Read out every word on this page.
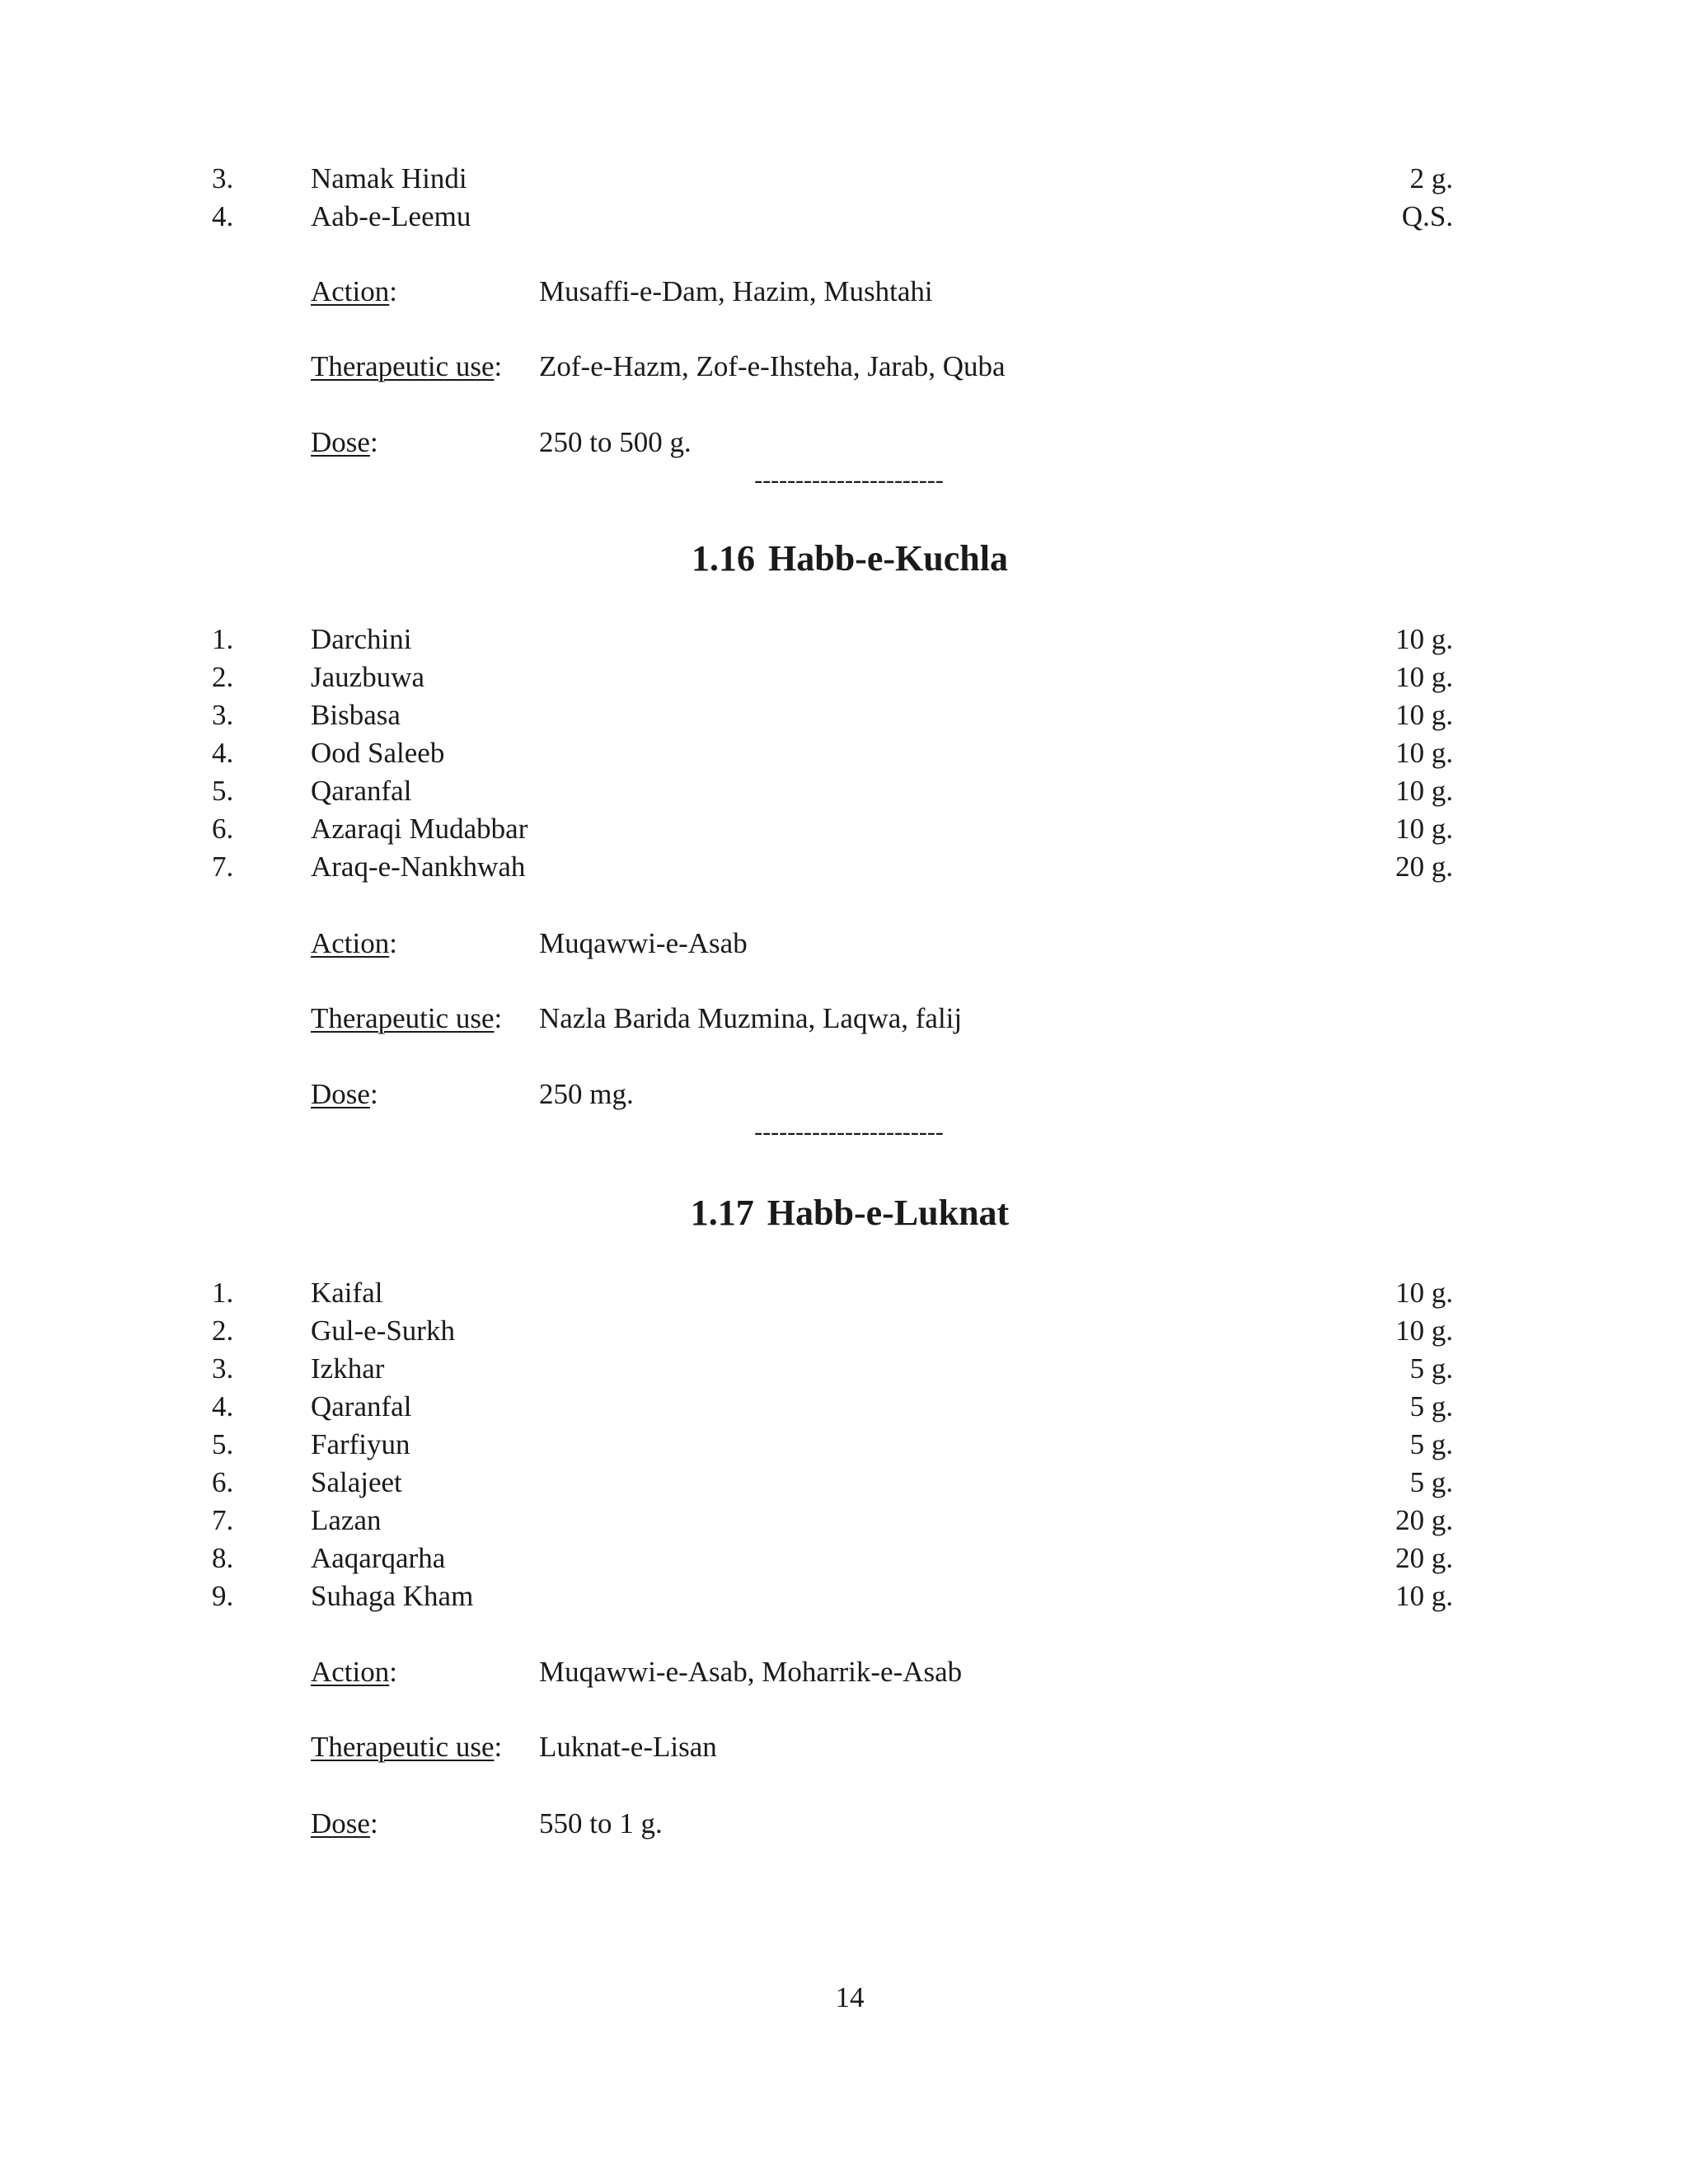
3.	Namak Hindi	2 g.
4.	Aab-e-Leemu	Q.S.
Action:	Musaffi-e-Dam, Hazim, Mushtahi
Therapeutic use: Zof-e-Hazm, Zof-e-Ihsteha, Jarab, Quba
Dose:	250 to 500 g.
-----------------------
1.16 Habb-e-Kuchla
1.	Darchini	10 g.
2.	Jauzbuwa	10 g.
3.	Bisbasa	10 g.
4.	Ood Saleeb	10 g.
5.	Qaranfal	10 g.
6.	Azaraqi Mudabbar	10 g.
7.	Araq-e-Nankhwah	20 g.
Action:	Muqawwi-e-Asab
Therapeutic use: Nazla Barida Muzmina, Laqwa, falij
Dose:	250 mg.
-----------------------
1.17 Habb-e-Luknat
1.	Kaifal	10 g.
2.	Gul-e-Surkh	10 g.
3.	Izkhar	5 g.
4.	Qaranfal	5 g.
5.	Farfiyun	5 g.
6.	Salajeet	5 g.
7.	Lazan	20 g.
8.	Aaqarqarha	20 g.
9.	Suhaga Kham	10 g.
Action:	Muqawwi-e-Asab, Moharrik-e-Asab
Therapeutic use: Luknat-e-Lisan
Dose:	550 to 1 g.
14
